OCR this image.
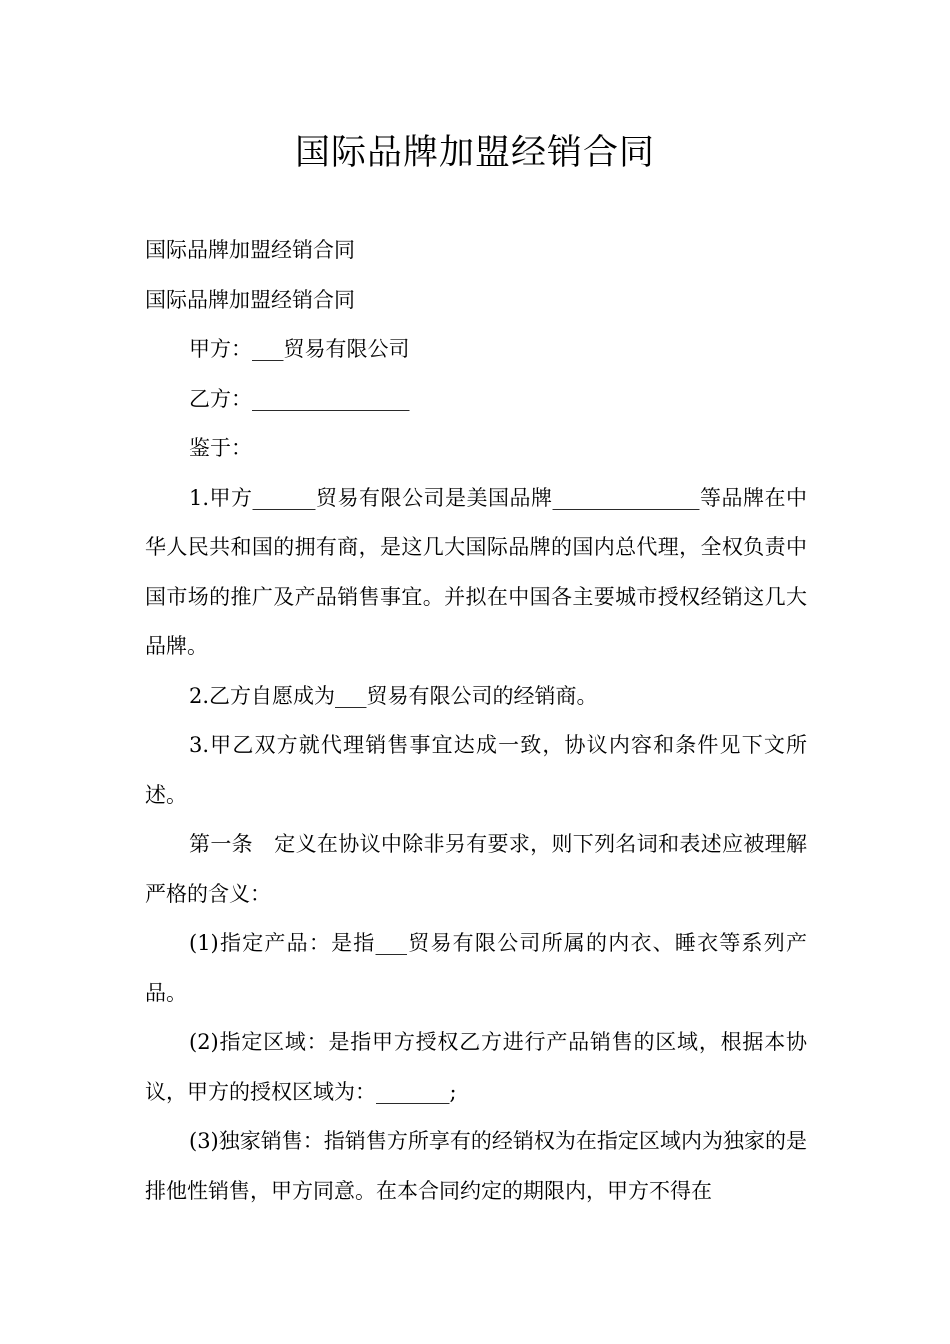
国际品牌加盟经销合同

国际品牌加盟经销合同

国际品牌加盟经销合同

甲方：___贸易有限公司

乙方：_______________

鉴于：

1.甲方______贸易有限公司是美国品牌______________等品牌在中华人民共和国的拥有商，是这几大国际品牌的国内总代理，全权负责中国市场的推广及产品销售事宜。并拟在中国各主要城市授权经销这几大品牌。

2.乙方自愿成为___贸易有限公司的经销商。

3.甲乙双方就代理销售事宜达成一致，协议内容和条件见下文所述。

第一条　定义在协议中除非另有要求，则下列名词和表述应被理解严格的含义：

(1)指定产品：是指___贸易有限公司所属的内衣、睡衣等系列产品。

(2)指定区域：是指甲方授权乙方进行产品销售的区域，根据本协议，甲方的授权区域为：_______;

(3)独家销售：指销售方所享有的经销权为在指定区域内为独家的是排他性销售，甲方同意。在本合同约定的期限内，甲方不得在
